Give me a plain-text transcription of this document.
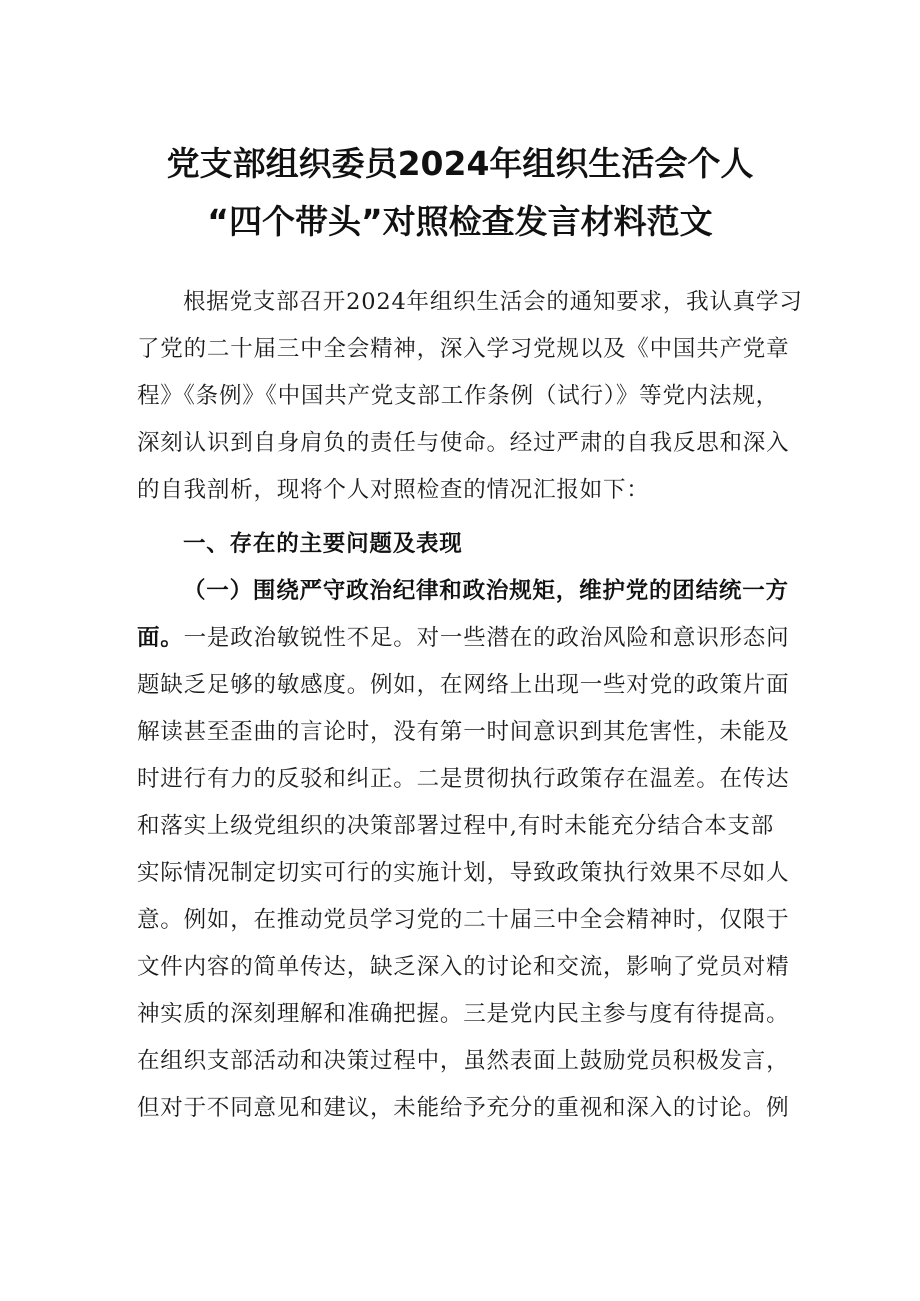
党支部组织委员2024年组织生活会个人
“四个带头”对照检查发言材料范文
根据党支部召开2024年组织生活会的通知要求，我认真学习
了党的二十届三中全会精神，深入学习党规以及《中国共产党章
程》《条例》《中国共产党支部工作条例（试行）》等党内法规，
深刻认识到自身肩负的责任与使命。经过严肃的自我反思和深入
的自我剖析，现将个人对照检查的情况汇报如下：
一、存在的主要问题及表现
（一）围绕严守政治纪律和政治规矩，维护党的团结统一方
面。一是政治敏锐性不足。对一些潜在的政治风险和意识形态问
题缺乏足够的敏感度。例如，在网络上出现一些对党的政策片面
解读甚至歪曲的言论时，没有第一时间意识到其危害性，未能及
时进行有力的反驳和纠正。二是贯彻执行政策存在温差。在传达
和落实上级党组织的决策部署过程中,有时未能充分结合本支部
实际情况制定切实可行的实施计划，导致政策执行效果不尽如人
意。例如，在推动党员学习党的二十届三中全会精神时，仅限于
文件内容的简单传达，缺乏深入的讨论和交流，影响了党员对精
神实质的深刻理解和准确把握。三是党内民主参与度有待提高。
在组织支部活动和决策过程中，虽然表面上鼓励党员积极发言，
但对于不同意见和建议，未能给予充分的重视和深入的讨论。例
